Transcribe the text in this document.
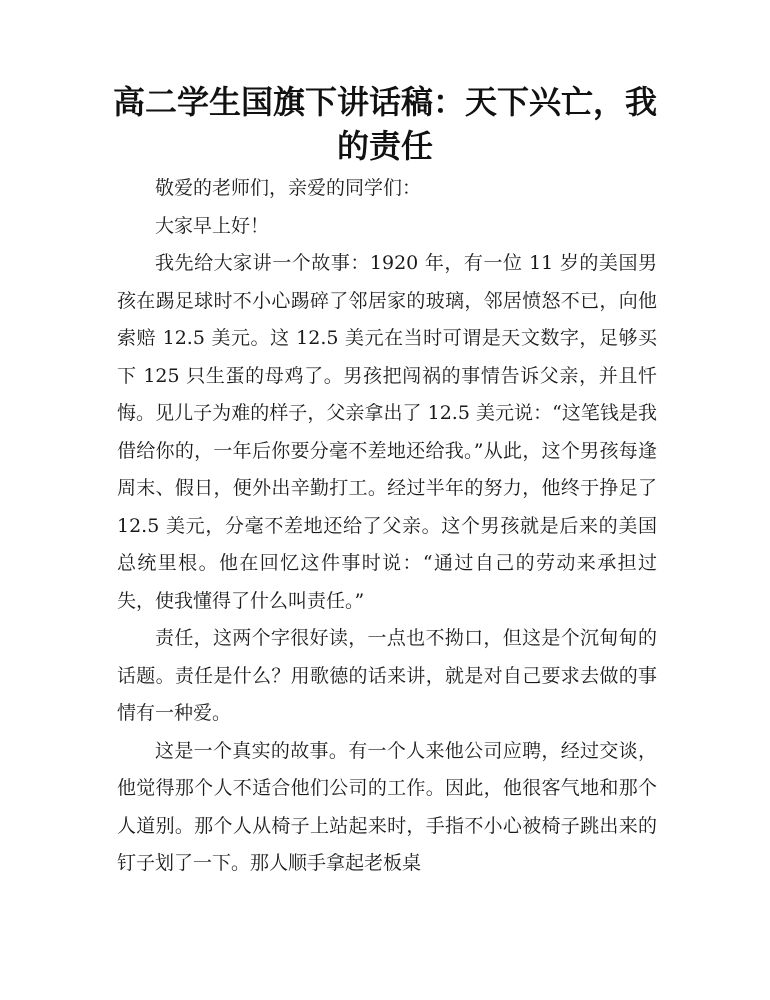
高二学生国旗下讲话稿：天下兴亡，我的责任

敬爱的老师们，亲爱的同学们：

大家早上好！

我先给大家讲一个故事：1920 年，有一位 11 岁的美国男孩在踢足球时不小心踢碎了邻居家的玻璃，邻居愤怒不已，向他索赔 12.5 美元。这 12.5 美元在当时可谓是天文数字，足够买下 125 只生蛋的母鸡了。男孩把闯祸的事情告诉父亲，并且忏悔。见儿子为难的样子，父亲拿出了 12.5 美元说：“这笔钱是我借给你的，一年后你要分毫不差地还给我。”从此，这个男孩每逢周末、假日，便外出辛勤打工。经过半年的努力，他终于挣足了 12.5 美元，分毫不差地还给了父亲。这个男孩就是后来的美国总统里根。他在回忆这件事时说：“通过自己的劳动来承担过失，使我懂得了什么叫责任。”

责任，这两个字很好读，一点也不拗口，但这是个沉甸甸的话题。责任是什么？用歌德的话来讲，就是对自己要求去做的事情有一种爱。

这是一个真实的故事。有一个人来他公司应聘，经过交谈，他觉得那个人不适合他们公司的工作。因此，他很客气地和那个人道别。那个人从椅子上站起来时，手指不小心被椅子跳出来的钉子划了一下。那人顺手拿起老板桌
